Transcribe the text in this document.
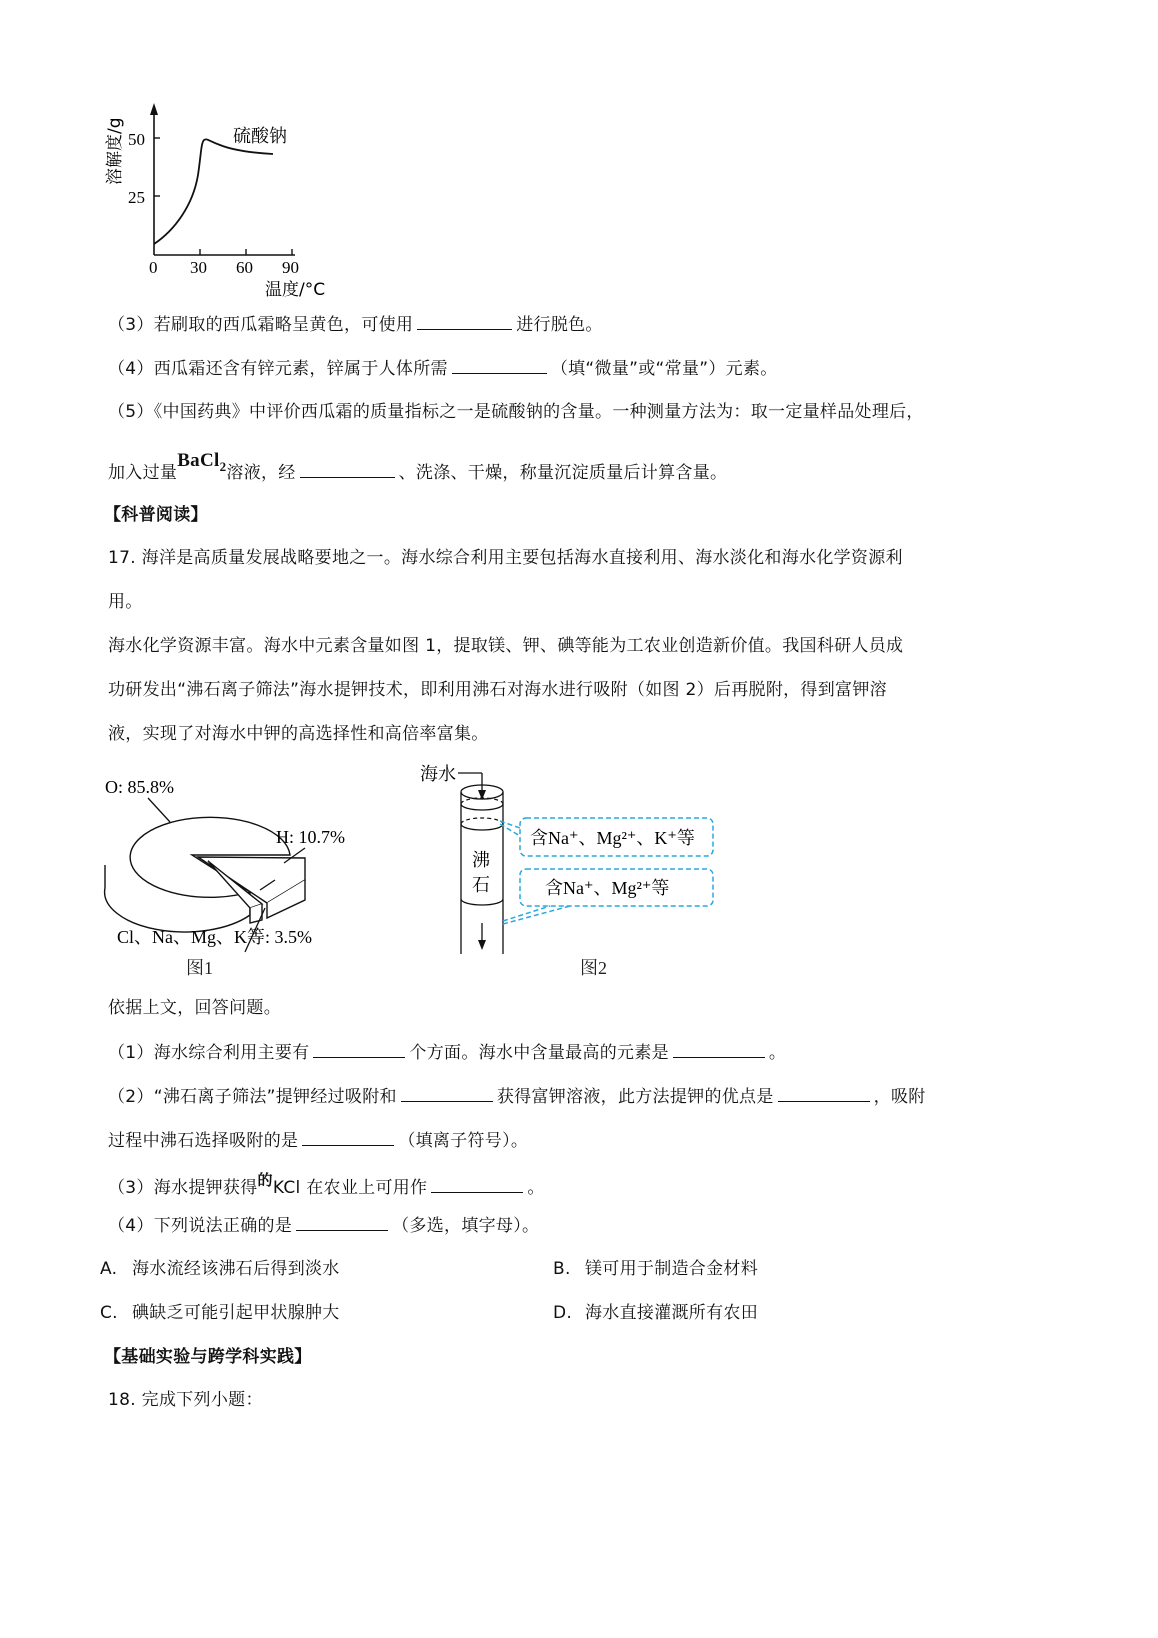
50
25
0 30 60 90
硫酸钠
温度/°C
溶解度/g
（3）若刷取的西瓜霜略呈黄色，可使用	进行脱色。
（4）西瓜霜还含有锌元素，锌属于人体所需	（填“微量”或“常量”）元素。
（5）《中国药典》中评价西瓜霜的质量指标之一是硫酸钠的含量。一种测量方法为：取一定量样品处理后，
加入过量BaCl$_2$溶液，经	、洗涤、干燥，称量沉淀质量后计算含量。
【科普阅读】
17. 海洋是高质量发展战略要地之一。海水综合利用主要包括海水直接利用、海水淡化和海水化学资源利
用。
海水化学资源丰富。海水中元素含量如图 1，提取镁、钾、碘等能为工农业创造新价值。我国科研人员成
功研发出“沸石离子筛法”海水提钾技术，即利用沸石对海水进行吸附（如图 2）后再脱附，得到富钾溶
液，实现了对海水中钾的高选择性和高倍率富集。
O: 85.8%
H: 10.7%
Cl、Na、Mg、K等: 3.5%
图1
海水
沸
石
含Na⁺、Mg²⁺、K⁺等
含Na⁺、Mg²⁺等
图2
依据上文，回答问题。
（1）海水综合利用主要有	个方面。海水中含量最高的元素是	。
（2）“沸石离子筛法”提钾经过吸附和	获得富钾溶液，此方法提钾的优点是	，吸附
过程中沸石选择吸附的是	（填离子符号）。
（3）海水提钾获得的KCl 在农业上可用作	。
（4）下列说法正确的是	（多选，填字母）。
A. 海水流经该沸石后得到淡水	B. 镁可用于制造合金材料
C. 碘缺乏可能引起甲状腺肿大	D. 海水直接灌溉所有农田
【基础实验与跨学科实践】
18. 完成下列小题：
